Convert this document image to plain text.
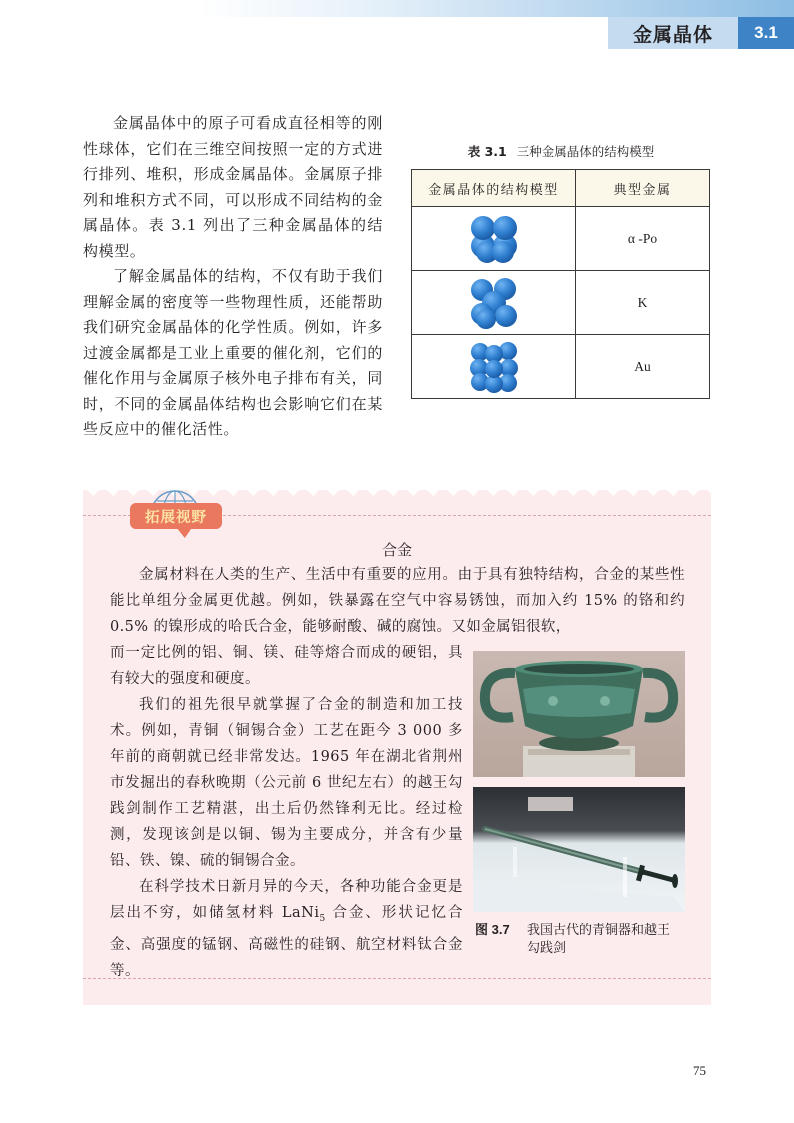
金属晶体	3.1

金属晶体中的原子可看成直径相等的刚性球体，它们在三维空间按照一定的方式进行排列、堆积，形成金属晶体。金属原子排列和堆积方式不同，可以形成不同结构的金属晶体。表 3.1 列出了三种金属晶体的结构模型。

了解金属晶体的结构，不仅有助于我们理解金属的密度等一些物理性质，还能帮助我们研究金属晶体的化学性质。例如，许多过渡金属都是工业上重要的催化剂，它们的催化作用与金属原子核外电子排布有关，同时，不同的金属晶体结构也会影响它们在某些反应中的催化活性。

表 3.1 三种金属晶体的结构模型
金属晶体的结构模型	典型金属

	α -Po

	K

	Au
拓展视野
合金

金属材料在人类的生产、生活中有重要的应用。由于具有独特结构，合金的某些性能比单组分金属更优越。例如，铁暴露在空气中容易锈蚀，而加入约 15% 的铬和约 0.5% 的镍形成的哈氏合金，能够耐酸、碱的腐蚀。又如金属铝很软，

而一定比例的铝、铜、镁、硅等熔合而成的硬铝，具有较大的强度和硬度。

我们的祖先很早就掌握了合金的制造和加工技术。例如，青铜（铜锡合金）工艺在距今 3 000 多年前的商朝就已经非常发达。1965 年在湖北省荆州市发掘出的春秋晚期（公元前 6 世纪左右）的越王勾践剑制作工艺精湛，出土后仍然锋利无比。经过检测，发现该剑是以铜、锡为主要成分，并含有少量铅、铁、镍、硫的铜锡合金。

在科学技术日新月异的今天，各种功能合金更是层出不穷，如储氢材料 LaNi$_5$ 合金、形状记忆合金、高强度的锰钢、高磁性的硅钢、航空材料钛合金等。

图 3.7 我国古代的青铜器和越王
勾践剑
75
